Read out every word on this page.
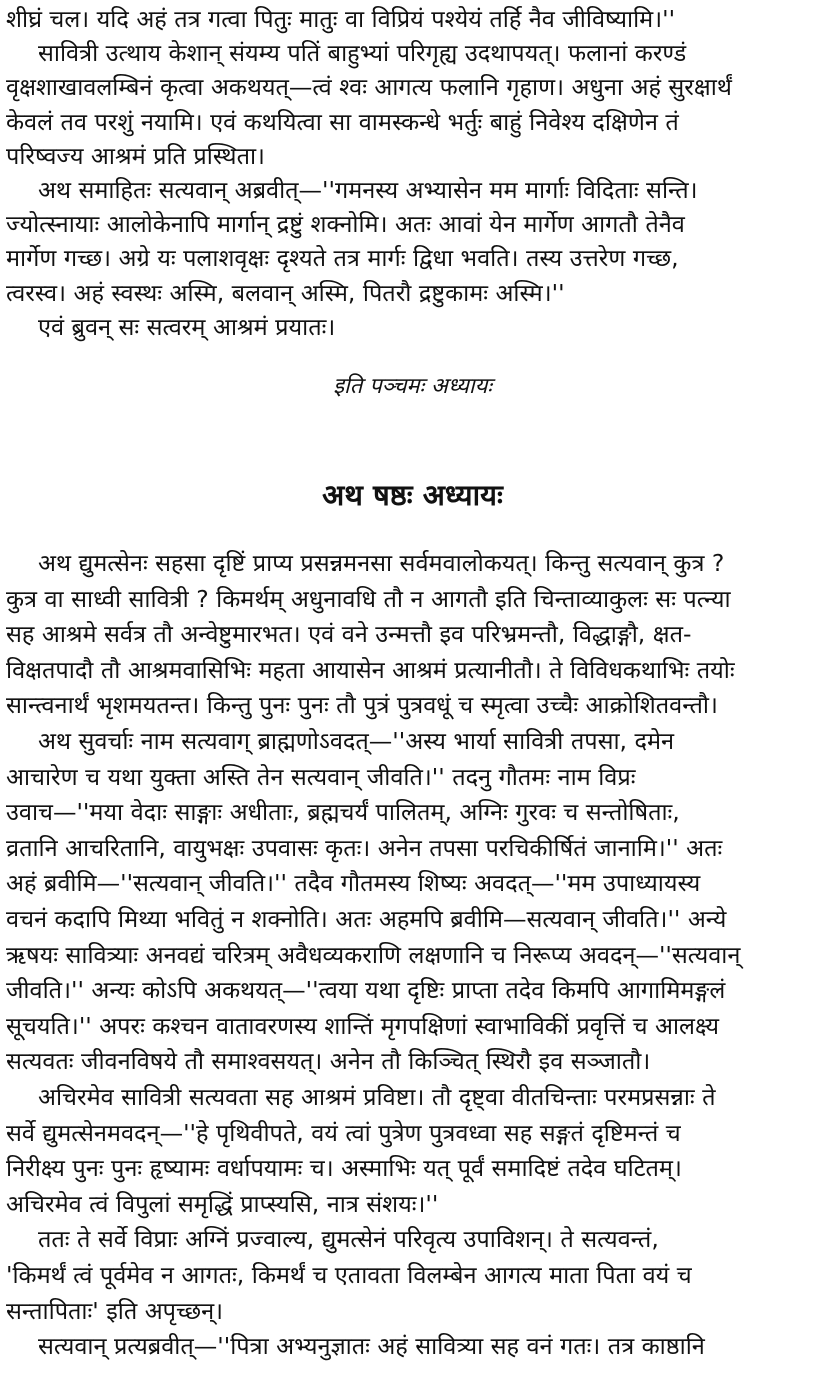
शीघ्रं चल। यदि अहं तत्र गत्वा पितुः मातुः वा विप्रियं पश्येयं तर्हि नैव जीविष्यामि।''
सावित्री उत्थाय केशान् संयम्य पतिं बाहुभ्यां परिगृह्य उदथापयत्। फलानां करण्डं
वृक्षशाखावलम्बिनं कृत्वा अकथयत्—त्वं श्वः आगत्य फलानि गृहाण। अधुना अहं सुरक्षार्थं
केवलं तव परशुं नयामि। एवं कथयित्वा सा वामस्कन्धे भर्तुः बाहुं निवेश्य दक्षिणेन तं
परिष्वज्य आश्रमं प्रति प्रस्थिता।
अथ समाहितः सत्यवान् अब्रवीत्—''गमनस्य अभ्यासेन मम मार्गाः विदिताः सन्ति।
ज्योत्स्नायाः आलोकेनापि मार्गान् द्रष्टुं शक्नोमि। अतः आवां येन मार्गेण आगतौ तेनैव
मार्गेण गच्छ। अग्रे यः पलाशवृक्षः दृश्यते तत्र मार्गः द्विधा भवति। तस्य उत्तरेण गच्छ,
त्वरस्व। अहं स्वस्थः अस्मि, बलवान् अस्मि, पितरौ द्रष्टुकामः अस्मि।''
एवं ब्रुवन् सः सत्वरम् आश्रमं प्रयातः।
इति पञ्चमः अध्यायः
अथ षष्ठः अध्यायः
अथ द्युमत्सेनः सहसा दृष्टिं प्राप्य प्रसन्नमनसा सर्वमवालोकयत्। किन्तु सत्यवान् कुत्र ?
कुत्र वा साध्वी सावित्री ? किमर्थम् अधुनावधि तौ न आगतौ इति चिन्ताव्याकुलः सः पत्न्या
सह आश्रमे सर्वत्र तौ अन्वेष्टुमारभत। एवं वने उन्मत्तौ इव परिभ्रमन्तौ, विद्धाङ्गौ, क्षत-
विक्षतपादौ तौ आश्रमवासिभिः महता आयासेन आश्रमं प्रत्यानीतौ। ते विविधकथाभिः तयोः
सान्त्वनार्थं भृशमयतन्त। किन्तु पुनः पुनः तौ पुत्रं पुत्रवधूं च स्मृत्वा उच्चैः आक्रोशितवन्तौ।
अथ सुवर्चाः नाम सत्यवाग् ब्राह्मणोऽवदत्—''अस्य भार्या सावित्री तपसा, दमेन
आचारेण च यथा युक्ता अस्ति तेन सत्यवान् जीवति।'' तदनु गौतमः नाम विप्रः
उवाच—''मया वेदाः साङ्गाः अधीताः, ब्रह्मचर्यं पालितम्, अग्निः गुरवः च सन्तोषिताः,
व्रतानि आचरितानि, वायुभक्षः उपवासः कृतः। अनेन तपसा परचिकीर्षितं जानामि।'' अतः
अहं ब्रवीमि—''सत्यवान् जीवति।'' तदैव गौतमस्य शिष्यः अवदत्—''मम उपाध्यायस्य
वचनं कदापि मिथ्या भवितुं न शक्नोति। अतः अहमपि ब्रवीमि—सत्यवान् जीवति।'' अन्ये
ऋषयः सावित्र्याः अनवद्यं चरित्रम् अवैधव्यकराणि लक्षणानि च निरूप्य अवदन्—''सत्यवान्
जीवति।'' अन्यः कोऽपि अकथयत्—''त्वया यथा दृष्टिः प्राप्ता तदेव किमपि आगामिमङ्गलं
सूचयति।'' अपरः कश्चन वातावरणस्य शान्तिं मृगपक्षिणां स्वाभाविकीं प्रवृत्तिं च आलक्ष्य
सत्यवतः जीवनविषये तौ समाश्वसयत्। अनेन तौ किञ्चित् स्थिरौ इव सञ्जातौ।
अचिरमेव सावित्री सत्यवता सह आश्रमं प्रविष्टा। तौ दृष्ट्वा वीतचिन्ताः परमप्रसन्नाः ते
सर्वे द्युमत्सेनमवदन्—''हे पृथिवीपते, वयं त्वां पुत्रेण पुत्रवध्वा सह सङ्गतं दृष्टिमन्तं च
निरीक्ष्य पुनः पुनः हृष्यामः वर्धापयामः च। अस्माभिः यत् पूर्वं समादिष्टं तदेव घटितम्।
अचिरमेव त्वं विपुलां समृद्धिं प्राप्स्यसि, नात्र संशयः।''
ततः ते सर्वे विप्राः अग्निं प्रज्वाल्य, द्युमत्सेनं परिवृत्य उपाविशन्। ते सत्यवन्तं,
'किमर्थं त्वं पूर्वमेव न आगतः, किमर्थं च एतावता विलम्बेन आगत्य माता पिता वयं च
सन्तापिताः' इति अपृच्छन्।
सत्यवान् प्रत्यब्रवीत्—''पित्रा अभ्यनुज्ञातः अहं सावित्र्या सह वनं गतः। तत्र काष्ठानि
